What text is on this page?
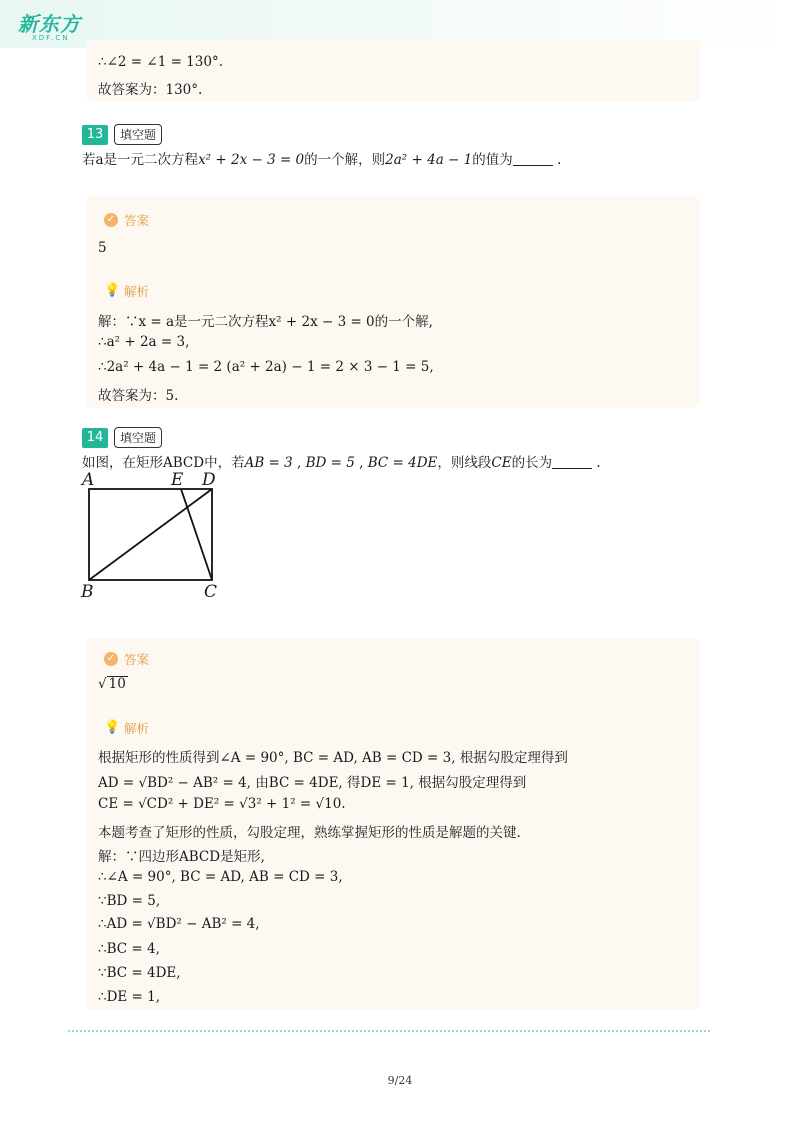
新东方
XDF.CN
∴∠2 = ∠1 = 130°.
故答案为：130°.
13	填空题
若a是一元二次方程x² + 2x − 3 = 0的一个解，则2a² + 4a − 1的值为	.
✓ 答案
5
💡 解析
解：∵x = a是一元二次方程x² + 2x − 3 = 0的一个解,
∴a² + 2a = 3,
∴2a² + 4a − 1 = 2 (a² + 2a) − 1 = 2 × 3 − 1 = 5,
故答案为：5.
14	填空题
如图，在矩形ABCD中，若AB = 3 , BD = 5 , BC = 4DE，则线段CE的长为	.
A	E D
B	C
✓ 答案
√ 10
💡 解析
根据矩形的性质得到∠A = 90°, BC = AD, AB = CD = 3, 根据勾股定理得到
AD = √BD² − AB² = 4, 由BC = 4DE, 得DE = 1, 根据勾股定理得到
CE = √CD² + DE² = √3² + 1² = √10.
本题考查了矩形的性质，勾股定理，熟练掌握矩形的性质是解题的关键.
解：∵四边形ABCD是矩形,
∴∠A = 90°, BC = AD, AB = CD = 3,
∵BD = 5,
∴AD = √BD² − AB² = 4,
∴BC = 4,
∵BC = 4DE,
∴DE = 1,
9/24
